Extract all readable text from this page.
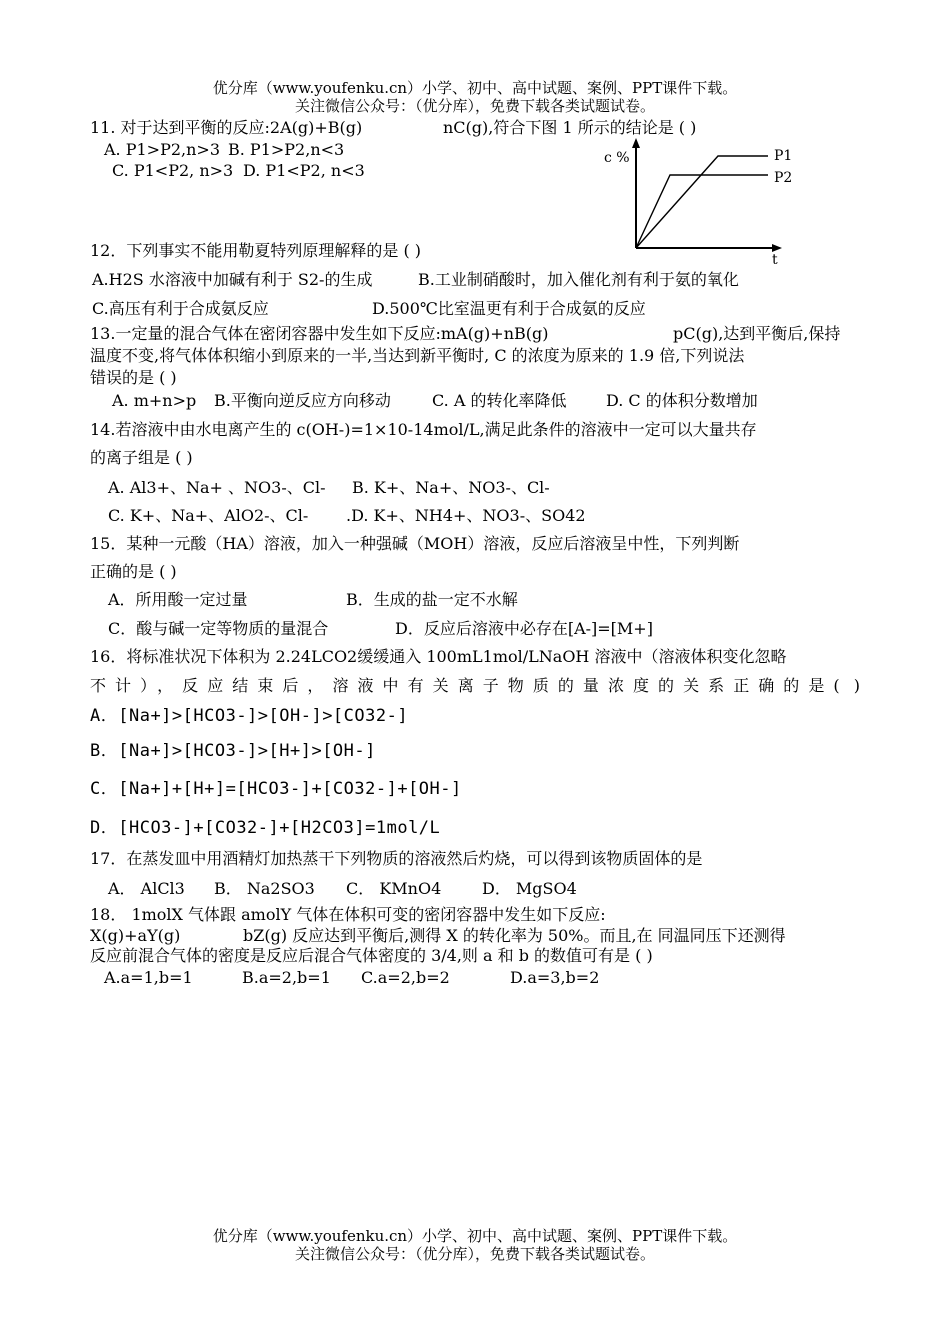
优分库（www.youfenku.cn）小学、初中、高中试题、案例、PPT课件下载。
关注微信公众号：（优分库），免费下载各类试题试卷。
11. 对于达到平衡的反应:2A(g)+B(g)	nC(g),符合下图 1 所示的结论是 ( )
A. P1>P2,n>3 B. P1>P2,n<3
C. P1<P2, n>3 D. P1<P2, n<3
c %
t
P1
P2
12．下列事实不能用勒夏特列原理解释的是 ( )
A.H2S 水溶液中加碱有利于 S2-的生成	B.工业制硝酸时，加入催化剂有利于氨的氧化
C.高压有利于合成氨反应	D.500℃比室温更有利于合成氨的反应
13.一定量的混合气体在密闭容器中发生如下反应:mA(g)+nB(g)	pC(g),达到平衡后,保持
温度不变,将气体体积缩小到原来的一半,当达到新平衡时, C 的浓度为原来的 1.9 倍,下列说法
错误的是 ( )
A. m+n>p B.平衡向逆反应方向移动	C. A 的转化率降低 D. C 的体积分数增加
14.若溶液中由水电离产生的 c(OH-)=1×10-14mol/L,满足此条件的溶液中一定可以大量共存
的离子组是 ( )
A. Al3+、Na+ 、NO3-、Cl- B. K+、Na+、NO3-、Cl-
C. K+、Na+、AlO2-、Cl- .D. K+、NH4+、NO3-、SO42
15．某种一元酸（HA）溶液，加入一种强碱（MOH）溶液，反应后溶液呈中性，下列判断
正确的是 ( )
A．所用酸一定过量	B．生成的盐一定不水解
C．酸与碱一定等物质的量混合	D．反应后溶液中必存在[A-]=[M+]
16．将标准状况下体积为 2.24LCO2缓缓通入 100mL1mol/LNaOH 溶液中（溶液体积变化忽略
不计），反应结束后，溶液中有关离子物质的量浓度的关系正确的是( )
A．[Na+]>[HCO3-]>[OH-]>[CO32-]
B．[Na+]>[HCO3-]>[H+]>[OH-]
C．[Na+]+[H+]=[HCO3-]+[CO32-]+[OH-]
D．[HCO3-]+[CO32-]+[H2CO3]=1mol/L
17．在蒸发皿中用酒精灯加热蒸干下列物质的溶液然后灼烧，可以得到该物质固体的是
A． AlCl3 B． Na2SO3 C． KMnO4	D． MgSO4
18． 1molX 气体跟 amolY 气体在体积可变的密闭容器中发生如下反应:
X(g)+aY(g)	bZ(g) 反应达到平衡后,测得 X 的转化率为 50%。而且,在 同温同压下还测得
反应前混合气体的密度是反应后混合气体密度的 3/4,则 a 和 b 的数值可有是 ( )
A.a=1,b=1	B.a=2,b=1 C.a=2,b=2	D.a=3,b=2
优分库（www.youfenku.cn）小学、初中、高中试题、案例、PPT课件下载。
关注微信公众号：（优分库），免费下载各类试题试卷。
